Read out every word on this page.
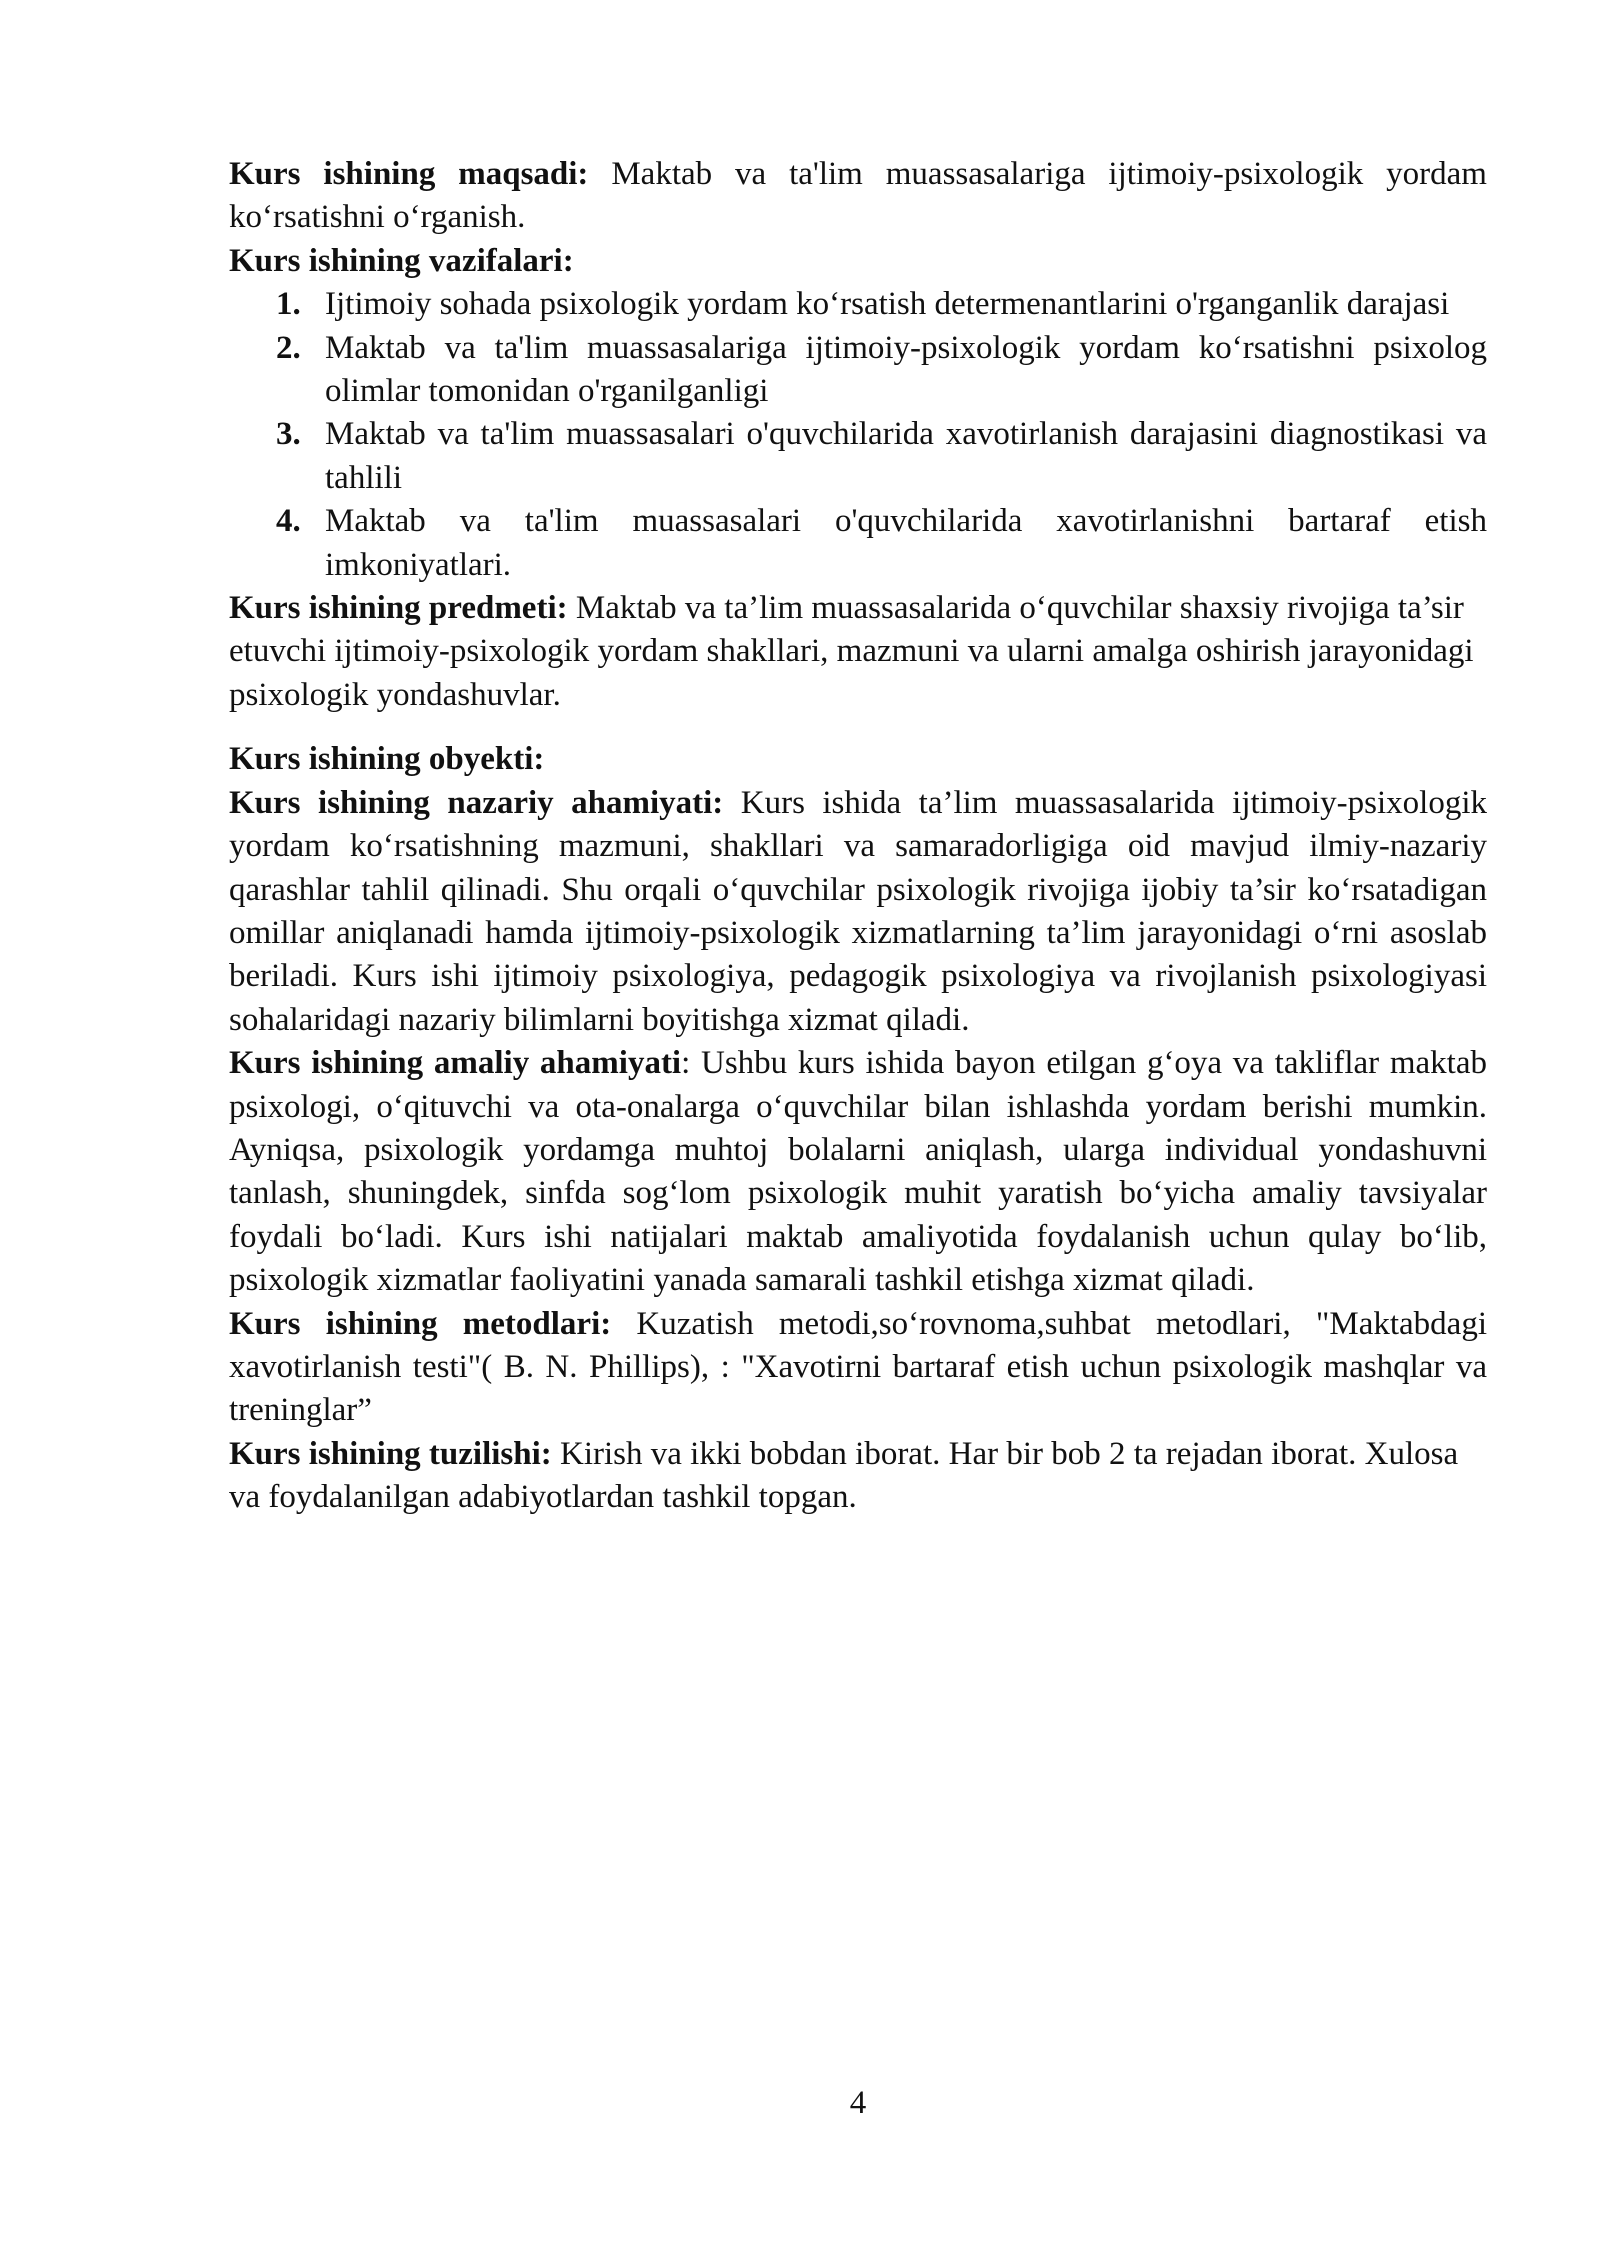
Kurs ishining maqsadi: Maktab va ta'lim muassasalariga ijtimoiy-psixologik yordam ko‘rsatishni o‘rganish.

Kurs ishining vazifalari:

1. Ijtimoiy sohada psixologik yordam ko‘rsatish determenantlarini o'rganganlik darajasi
2. Maktab va ta'lim muassasalariga ijtimoiy-psixologik yordam ko‘rsatishni psixolog olimlar tomonidan o'rganilganligi
3. Maktab va ta'lim muassasalari o'quvchilarida xavotirlanish darajasini diagnostikasi va tahlili
4. Maktab va ta'lim muassasalari o'quvchilarida xavotirlanishni bartaraf etish imkoniyatlari.

Kurs ishining predmeti: Maktab va ta’lim muassasalarida o‘quvchilar shaxsiy rivojiga ta’sir etuvchi ijtimoiy-psixologik yordam shakllari, mazmuni va ularni amalga oshirish jarayonidagi psixologik yondashuvlar.

Kurs ishining obyekti:

Kurs ishining nazariy ahamiyati: Kurs ishida ta’lim muassasalarida ijtimoiy-psixologik yordam ko‘rsatishning mazmuni, shakllari va samaradorligiga oid mavjud ilmiy-nazariy qarashlar tahlil qilinadi. Shu orqali o‘quvchilar psixologik rivojiga ijobiy ta’sir ko‘rsatadigan omillar aniqlanadi hamda ijtimoiy-psixologik xizmatlarning ta’lim jarayonidagi o‘rni asoslab beriladi. Kurs ishi ijtimoiy psixologiya, pedagogik psixologiya va rivojlanish psixologiyasi sohalaridagi nazariy bilimlarni boyitishga xizmat qiladi.

Kurs ishining amaliy ahamiyati: Ushbu kurs ishida bayon etilgan g‘oya va takliflar maktab psixologi, o‘qituvchi va ota-onalarga o‘quvchilar bilan ishlashda yordam berishi mumkin. Ayniqsa, psixologik yordamga muhtoj bolalarni aniqlash, ularga individual yondashuvni tanlash, shuningdek, sinfda sog‘lom psixologik muhit yaratish bo‘yicha amaliy tavsiyalar foydali bo‘ladi. Kurs ishi natijalari maktab amaliyotida foydalanish uchun qulay bo‘lib, psixologik xizmatlar faoliyatini yanada samarali tashkil etishga xizmat qiladi.

Kurs ishining metodlari: Kuzatish metodi,so‘rovnoma,suhbat metodlari, "Maktabdagi xavotirlanish testi"( B. N. Phillips), : "Xavotirni bartaraf etish uchun psixologik mashqlar va treninglar”

Kurs ishining tuzilishi: Kirish va ikki bobdan iborat. Har bir bob 2 ta rejadan iborat. Xulosa va foydalanilgan adabiyotlardan tashkil topgan.

4
